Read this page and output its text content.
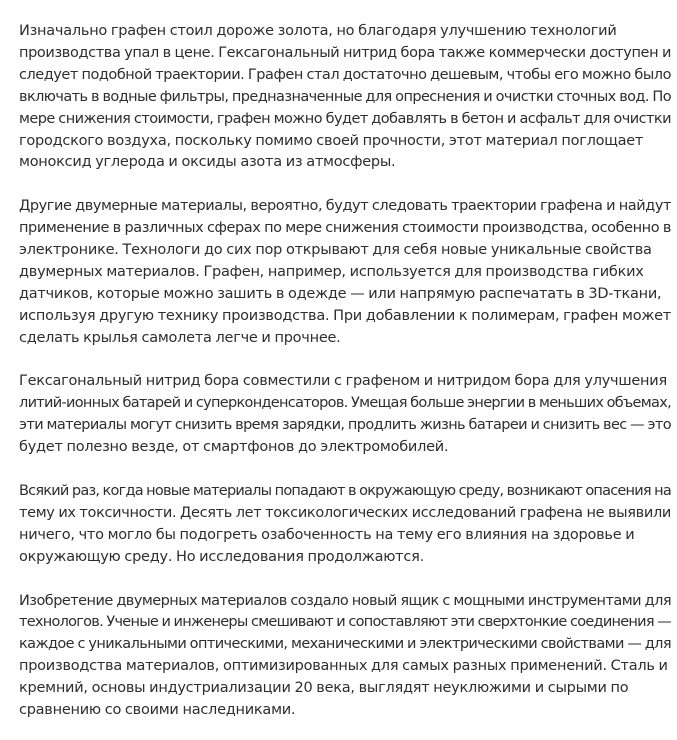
Изначально графен стоил дороже золота, но благодаря улучшению технологий
производства упал в цене. Гексагональный нитрид бора также коммерчески доступен и
следует подобной траектории. Графен стал достаточно дешевым, чтобы его можно было
включать в водные фильтры, предназначенные для опреснения и очистки сточных вод. По
мере снижения стоимости, графен можно будет добавлять в бетон и асфальт для очистки
городского воздуха, поскольку помимо своей прочности, этот материал поглощает
моноксид углерода и оксиды азота из атмосферы.

Другие двумерные материалы, вероятно, будут следовать траектории графена и найдут
применение в различных сферах по мере снижения стоимости производства, особенно в
электронике. Технологи до сих пор открывают для себя новые уникальные свойства
двумерных материалов. Графен, например, используется для производства гибких
датчиков, которые можно зашить в одежде — или напрямую распечатать в 3D-ткани,
используя другую технику производства. При добавлении к полимерам, графен может
сделать крылья самолета легче и прочнее.

Гексагональный нитрид бора совместили с графеном и нитридом бора для улучшения
литий-ионных батарей и суперконденсаторов. Умещая больше энергии в меньших объемах,
эти материалы могут снизить время зарядки, продлить жизнь батареи и снизить вес — это
будет полезно везде, от смартфонов до электромобилей.

Всякий раз, когда новые материалы попадают в окружающую среду, возникают опасения на
тему их токсичности. Десять лет токсикологических исследований графена не выявили
ничего, что могло бы подогреть озабоченность на тему его влияния на здоровье и
окружающую среду. Но исследования продолжаются.

Изобретение двумерных материалов создало новый ящик с мощными инструментами для
технологов. Ученые и инженеры смешивают и сопоставляют эти сверхтонкие соединения —
каждое с уникальными оптическими, механическими и электрическими свойствами — для
производства материалов, оптимизированных для самых разных применений. Сталь и
кремний, основы индустриализации 20 века, выглядят неуклюжими и сырыми по
сравнению со своими наследниками.
